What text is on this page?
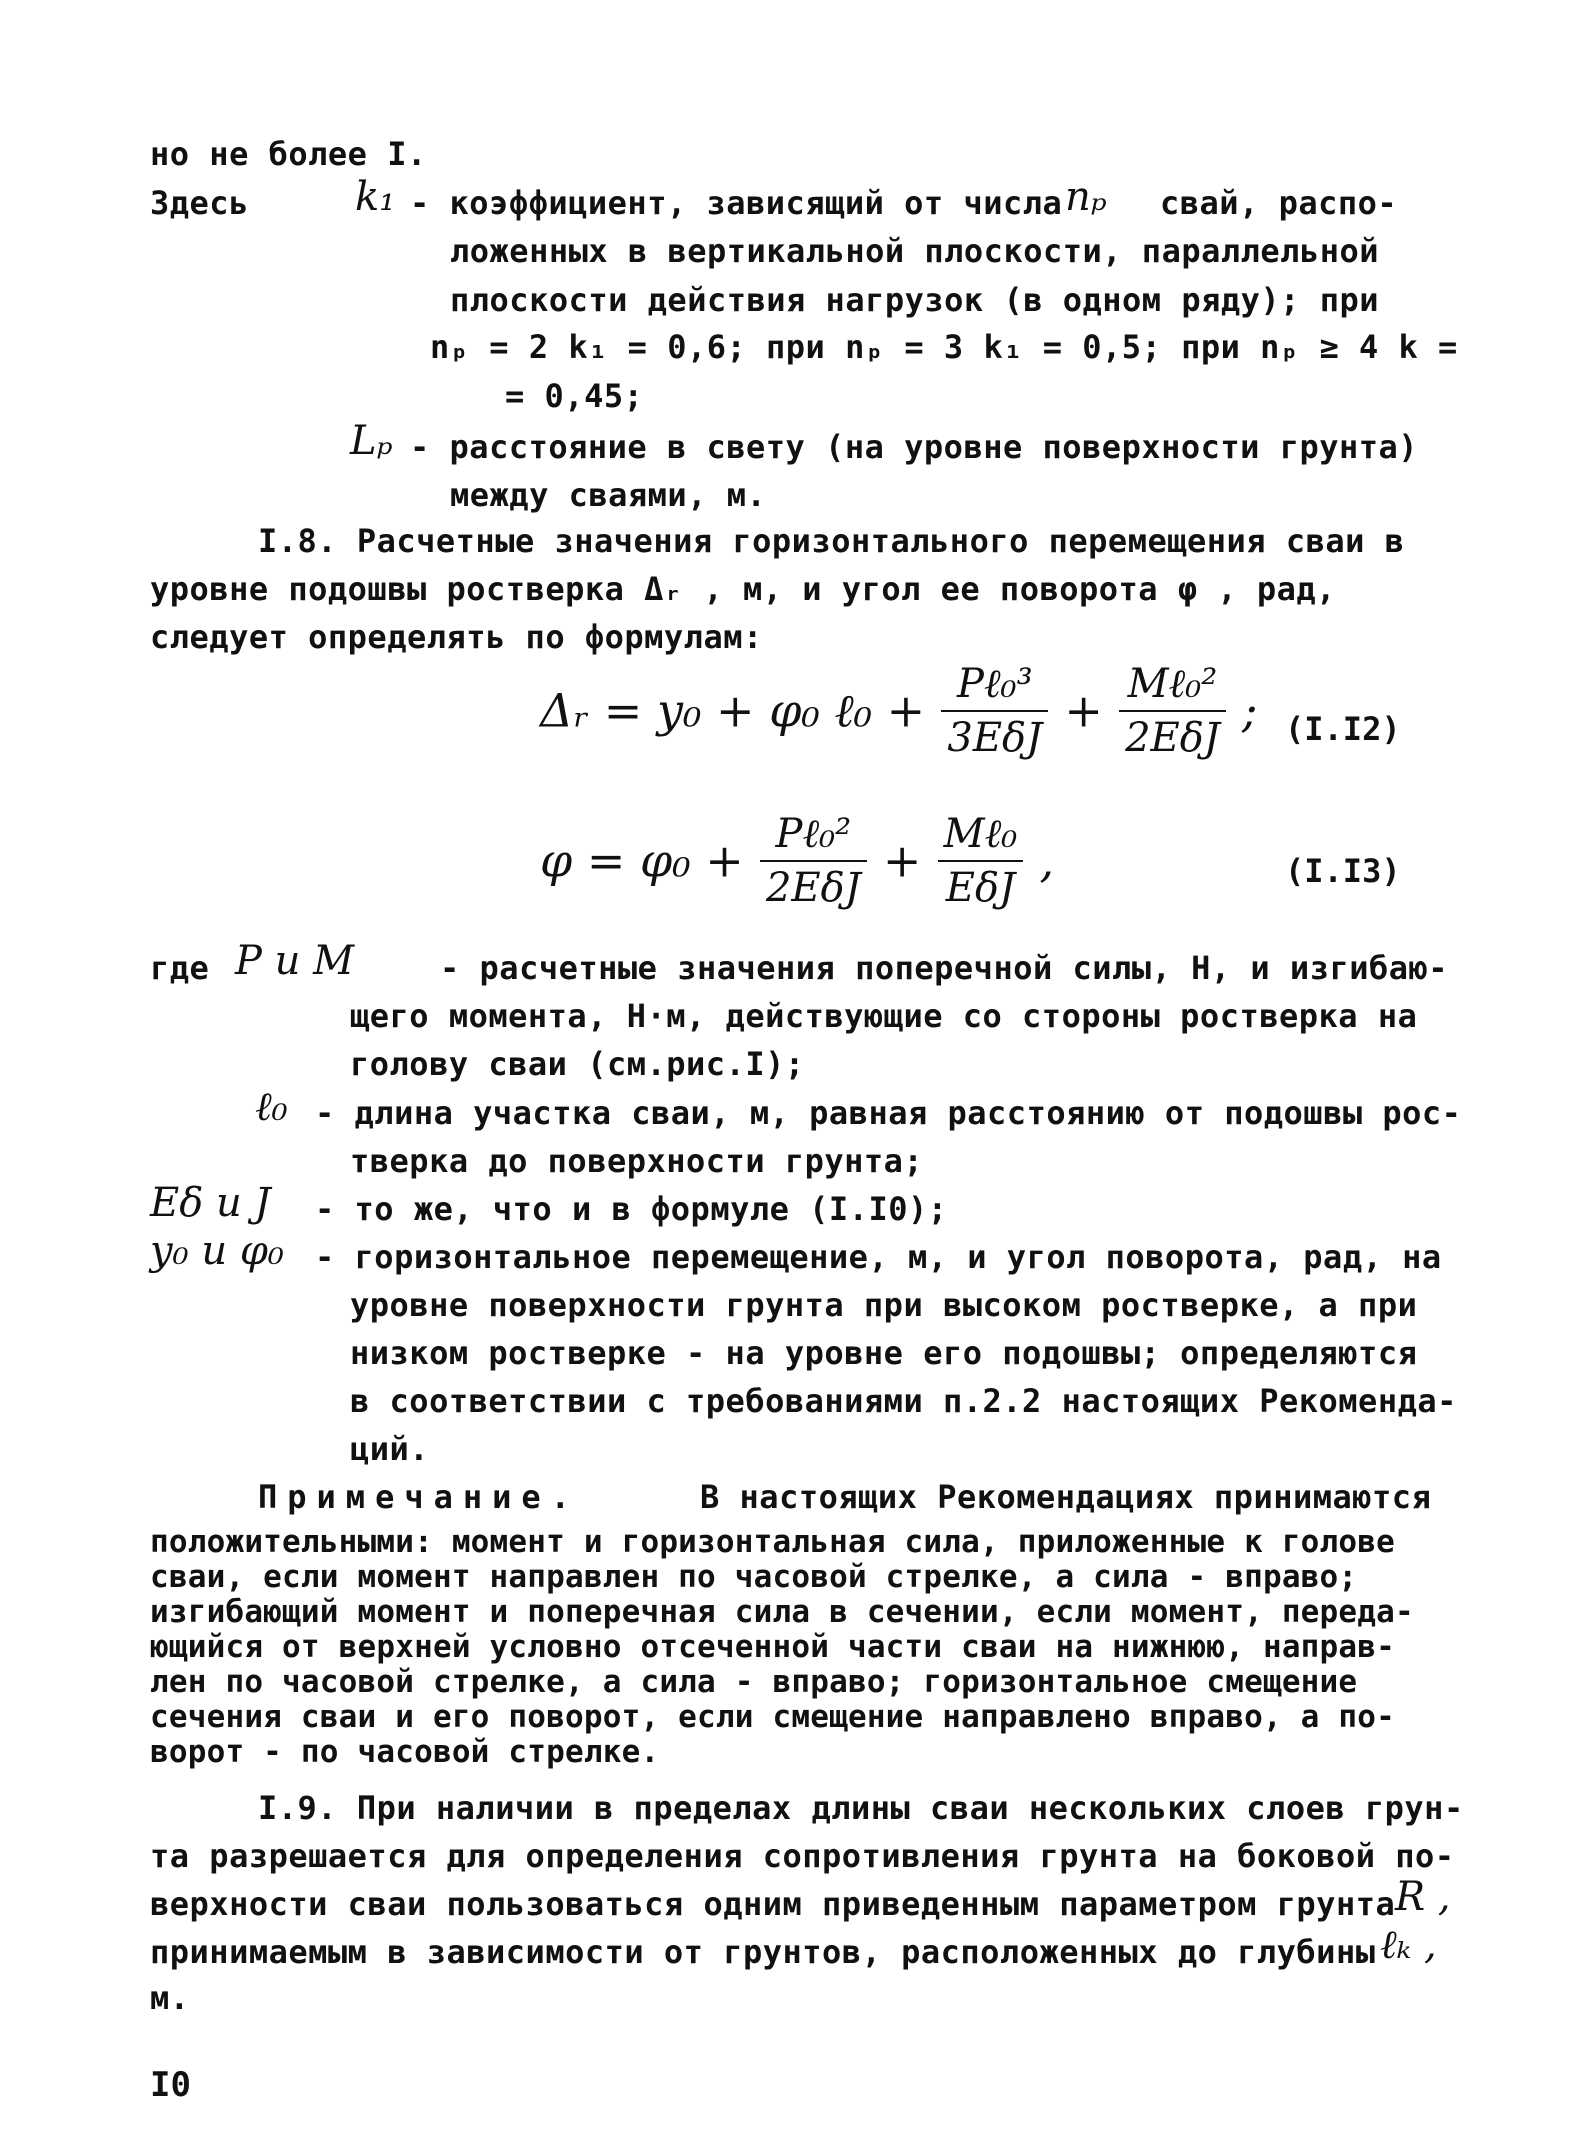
но не более I.
Здесь	k₁ - коэффициент, зависящий от числа nₚ свай, распо-
ложенных в вертикальной плоскости, параллельной
плоскости действия нагрузок (в одном ряду); при
nₚ = 2 k₁ = 0,6; при nₚ = 3 k₁ = 0,5; при nₚ ≥ 4 k =
= 0,45;
Lₚ - расстояние в свету (на уровне поверхности грунта)
между сваями, м.
I.8. Расчетные значения горизонтального перемещения сваи в
уровне подошвы ростверка Δᵣ , м, и угол ее поворота φ , рад,
следует определять по формулам:
Δᵣ = y₀ + φ₀ ℓ₀ + $\frac{\text{Pℓ₀³}}{\text{3EδJ}} + \frac{\text{Mℓ₀²}}{\text{2EδJ}}$ ; (I.I2)
$\varphi = \varphi_0 + \frac{\text{Pℓ₀²}}{\text{2EδJ}} + \frac{\text{Mℓ₀}}{\text{EδJ}}$ ,	(I.I3)
где P и M	- расчетные значения поперечной силы, Н, и изгибаю-
щего момента, Н·м, действующие со стороны ростверка на
голову сваи (см.рис.I);
ℓ₀ - длина участка сваи, м, равная расстоянию от подошвы рос-
тверка до поверхности грунта;
Eδ и J - то же, что и в формуле (I.I0);
y₀ и φ₀ - горизонтальное перемещение, м, и угол поворота, рад, на
уровне поверхности грунта при высоком ростверке, а при
низком ростверке - на уровне его подошвы; определяются
в соответствии с требованиями п.2.2 настоящих Рекоменда-
ций.
Примечание.	В настоящих Рекомендациях принимаются
положительными: момент и горизонтальная сила, приложенные к голове
сваи, если момент направлен по часовой стрелке, а сила - вправо;
изгибающий момент и поперечная сила в сечении, если момент, переда-
ющийся от верхней условно отсеченной части сваи на нижнюю, направ-
лен по часовой стрелке, а сила - вправо; горизонтальное смещение
сечения сваи и его поворот, если смещение направлено вправо, а по-
ворот - по часовой стрелке.
I.9. При наличии в пределах длины сваи нескольких слоев грун-
та разрешается для определения сопротивления грунта на боковой по-
верхности сваи пользоваться одним приведенным параметром грунта R ,
принимаемым в зависимости от грунтов, расположенных до глубины ℓₖ ,
м.
I0
